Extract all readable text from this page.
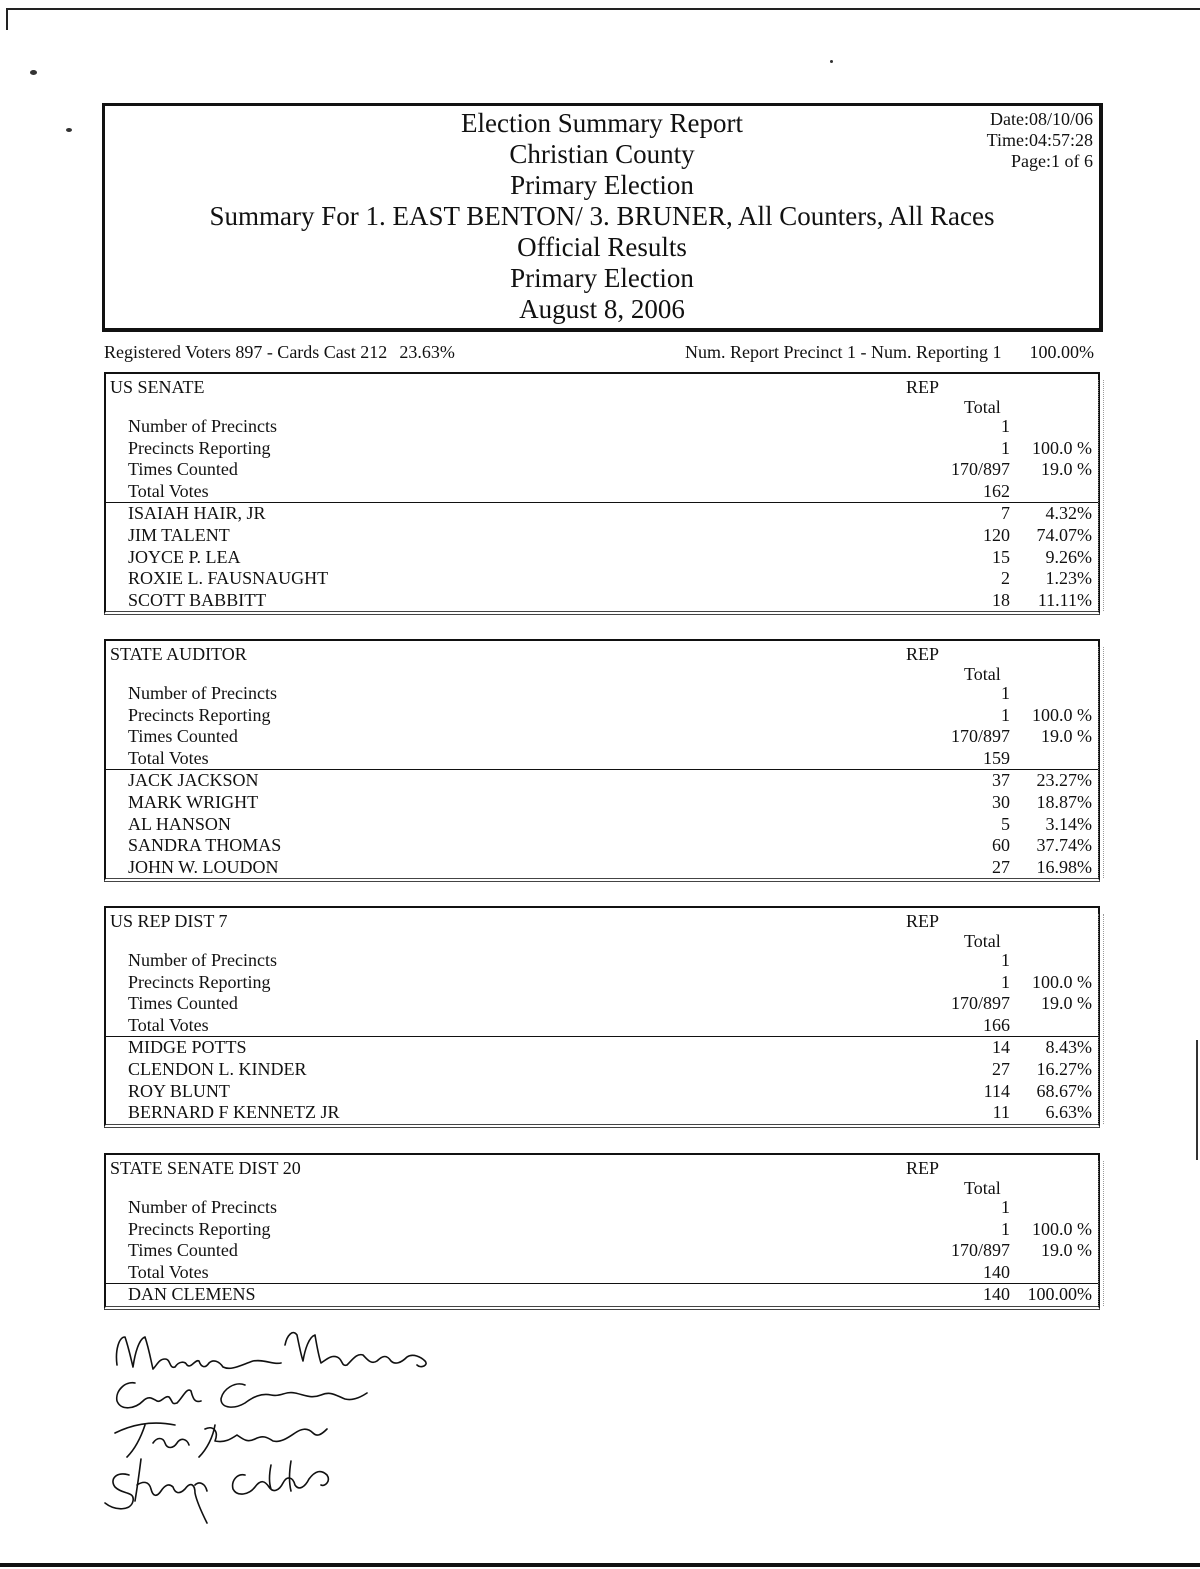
Election Summary Report
Christian County
Primary Election
Summary For 1. EAST BENTON/ 3. BRUNER, All Counters, All Races
Official Results
Primary Election
August 8, 2006
Date:08/10/06
Time:04:57:28
Page:1 of 6
Registered Voters 897 - Cards Cast 212 23.63%	Num. Report Precinct 1 - Num. Reporting 1 100.00%
US SENATE	REP
Total
Number of Precincts	1
Precincts Reporting	1 100.0 %
Times Counted	170/897 19.0 %
Total Votes	162
ISAIAH HAIR, JR	7 4.32%
JIM TALENT	120 74.07%
JOYCE P. LEA	15 9.26%
ROXIE L. FAUSNAUGHT	2 1.23%
SCOTT BABBITT	18 11.11%
STATE AUDITOR	REP
Total
Number of Precincts	1
Precincts Reporting	1 100.0 %
Times Counted	170/897 19.0 %
Total Votes	159
JACK JACKSON	37 23.27%
MARK WRIGHT	30 18.87%
AL HANSON	5 3.14%
SANDRA THOMAS	60 37.74%
JOHN W. LOUDON	27 16.98%
US REP DIST 7	REP
Total
Number of Precincts	1
Precincts Reporting	1 100.0 %
Times Counted	170/897 19.0 %
Total Votes	166
MIDGE POTTS	14 8.43%
CLENDON L. KINDER	27 16.27%
ROY BLUNT	114 68.67%
BERNARD F KENNETZ JR	11 6.63%
STATE SENATE DIST 20	REP
Total
Number of Precincts	1
Precincts Reporting	1 100.0 %
Times Counted	170/897 19.0 %
Total Votes	140
DAN CLEMENS	140 100.00%
